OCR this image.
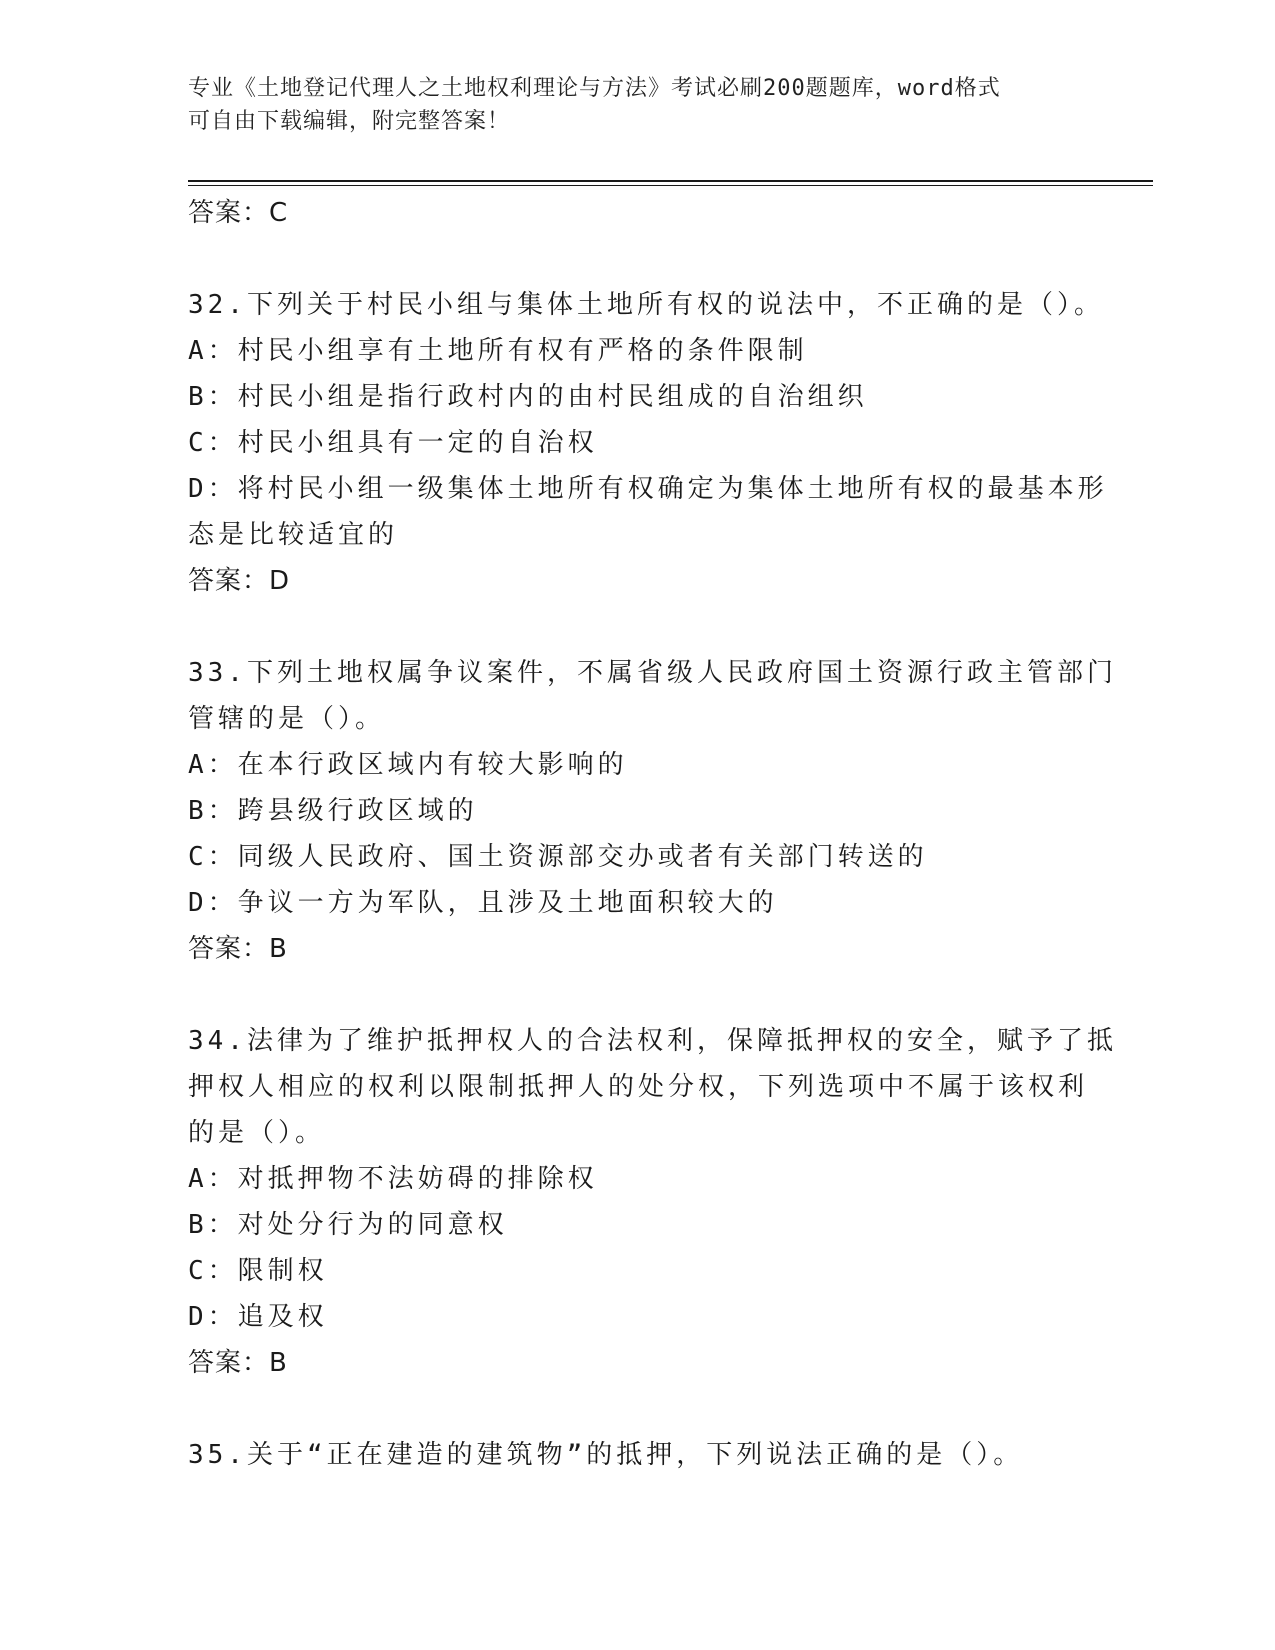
专业《土地登记代理人之土地权利理论与方法》考试必刷200题题库，word格式
可自由下载编辑，附完整答案！

答案：C

32.下列关于村民小组与集体土地所有权的说法中，不正确的是（）。

A：村民小组享有土地所有权有严格的条件限制

B：村民小组是指行政村内的由村民组成的自治组织

C：村民小组具有一定的自治权

D：将村民小组一级集体土地所有权确定为集体土地所有权的最基本形

态是比较适宜的

答案：D

33.下列土地权属争议案件，不属省级人民政府国土资源行政主管部门

管辖的是（）。

A：在本行政区域内有较大影响的

B：跨县级行政区域的

C：同级人民政府、国土资源部交办或者有关部门转送的

D：争议一方为军队，且涉及土地面积较大的

答案：B

34.法律为了维护抵押权人的合法权利，保障抵押权的安全，赋予了抵

押权人相应的权利以限制抵押人的处分权，下列选项中不属于该权利

的是（）。

A：对抵押物不法妨碍的排除权

B：对处分行为的同意权

C：限制权

D：追及权

答案：B

35.关于“正在建造的建筑物”的抵押，下列说法正确的是（）。
